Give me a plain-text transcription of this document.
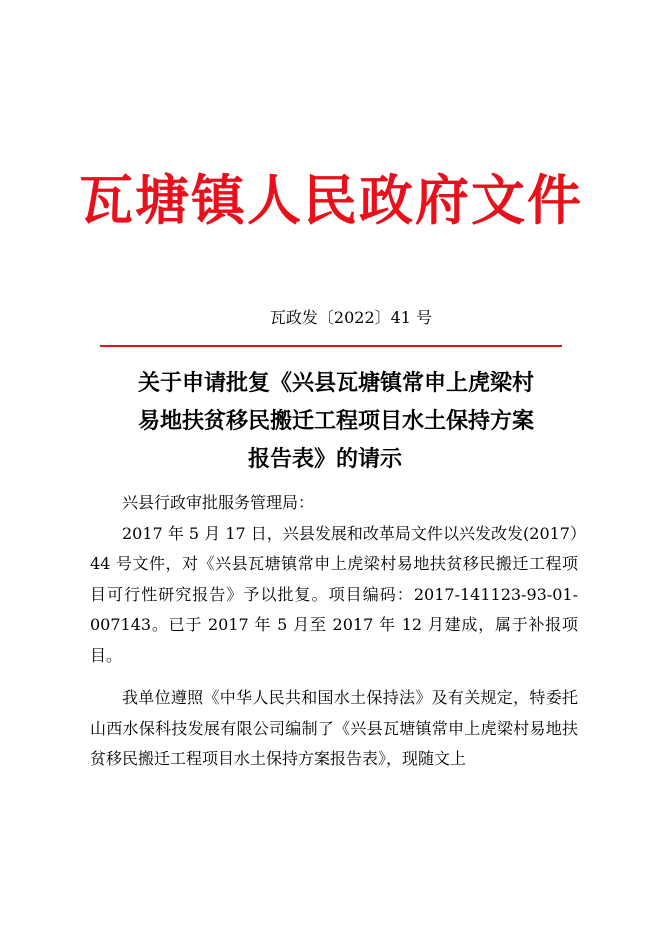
瓦塘镇人民政府文件
瓦政发〔2022〕41 号
关于申请批复《兴县瓦塘镇常申上虎梁村
易地扶贫移民搬迁工程项目水土保持方案
报告表》的请示

兴县行政审批服务管理局：

2017 年 5 月 17 日，兴县发展和改革局文件以兴发改发(2017）44 号文件，对《兴县瓦塘镇常申上虎梁村易地扶贫移民搬迁工程项目可行性研究报告》予以批复。项目编码：2017-141123-93-01-007143。已于 2017 年 5 月至 2017 年 12 月建成，属于补报项目。

我单位遵照《中华人民共和国水土保持法》及有关规定，特委托山西水保科技发展有限公司编制了《兴县瓦塘镇常申上虎梁村易地扶贫移民搬迁工程项目水土保持方案报告表》，现随文上
